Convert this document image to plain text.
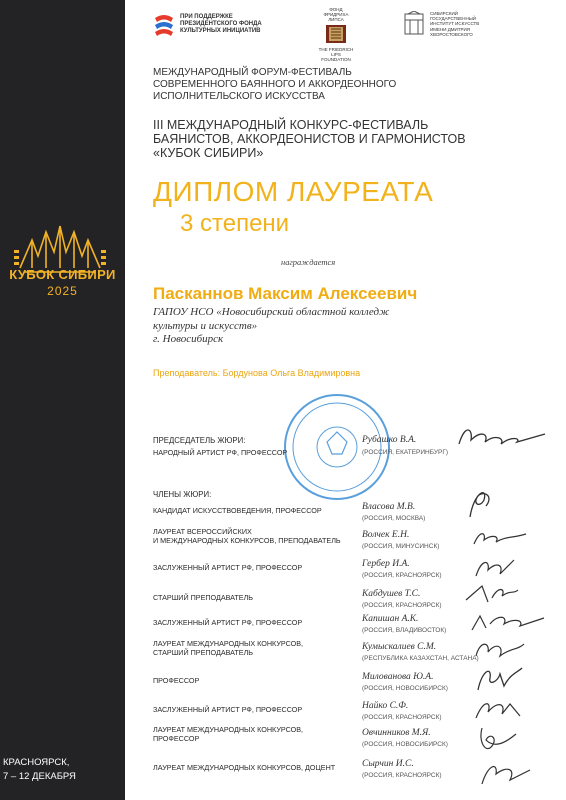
КУБОК СИБИРИ
2025
КРАСНОЯРСК,
7 – 12 ДЕКАБРЯ
ПРИ ПОДДЕРЖКЕ
ПРЕЗИДЕНТСКОГО ФОНДА
КУЛЬТУРНЫХ ИНИЦИАТИВ
ФОНД
ФРИДРИХА ЛИПСА
THE FRIEDRICH LIPS
FOUNDATION
СИБИРСКИЙ
ГОСУДАРСТВЕННЫЙ
ИНСТИТУТ ИСКУССТВ
ИМЕНИ ДМИТРИЯ
ХВОРОСТОВСКОГО
МЕЖДУНАРОДНЫЙ ФОРУМ-ФЕСТИВАЛЬ
СОВРЕМЕННОГО БАЯННОГО И АККОРДЕОННОГО
ИСПОЛНИТЕЛЬСКОГО ИСКУССТВА
III МЕЖДУНАРОДНЫЙ КОНКУРС-ФЕСТИВАЛЬ
БАЯНИСТОВ, АККОРДЕОНИСТОВ И ГАРМОНИСТОВ
«КУБОК СИБИРИ»
ДИПЛОМ ЛАУРЕАТА
3 степени
награждается
Пасканнов Максим Алексеевич
ГАПОУ НСО «Новосибирский областной колледж
культуры и искусств»
г. Новосибирск
Преподаватель: Бордунова Ольга Владимировна
ПРЕДСЕДАТЕЛЬ ЖЮРИ:
НАРОДНЫЙ АРТИСТ РФ, ПРОФЕССОР
Рубашко В.А.
(РОССИЯ, ЕКАТЕРИНБУРГ)
ЧЛЕНЫ ЖЮРИ:
КАНДИДАТ ИСКУССТВОВЕДЕНИЯ, ПРОФЕССОР	Власова М.В.
(РОССИЯ, МОСКВА)
ЛАУРЕАТ ВСЕРОССИЙСКИХ
И МЕЖДУНАРОДНЫХ КОНКУРСОВ, ПРЕПОДАВАТЕЛЬ
Волчек Е.Н.
(РОССИЯ, МИНУСИНСК)
ЗАСЛУЖЕННЫЙ АРТИСТ РФ, ПРОФЕССОР	Гербер И.А.
(РОССИЯ, КРАСНОЯРСК)
СТАРШИЙ ПРЕПОДАВАТЕЛЬ	Кабдушев Т.С.
(РОССИЯ, КРАСНОЯРСК)
ЗАСЛУЖЕННЫЙ АРТИСТ РФ, ПРОФЕССОР	Капишан А.К.
(РОССИЯ, ВЛАДИВОСТОК)
ЛАУРЕАТ МЕЖДУНАРОДНЫХ КОНКУРСОВ,
СТАРШИЙ ПРЕПОДАВАТЕЛЬ
Кумыскалиев С.М.
(РЕСПУБЛИКА КАЗАХСТАН, АСТАНА)
ПРОФЕССОР	Милованова Ю.А.
(РОССИЯ, НОВОСИБИРСК)
ЗАСЛУЖЕННЫЙ АРТИСТ РФ, ПРОФЕССОР	Найко С.Ф.
(РОССИЯ, КРАСНОЯРСК)
ЛАУРЕАТ МЕЖДУНАРОДНЫХ КОНКУРСОВ,
ПРОФЕССОР
Овчинников М.Я.
(РОССИЯ, НОВОСИБИРСК)
ЛАУРЕАТ МЕЖДУНАРОДНЫХ КОНКУРСОВ, ДОЦЕНТ	Сырчин И.С.
(РОССИЯ, КРАСНОЯРСК)
